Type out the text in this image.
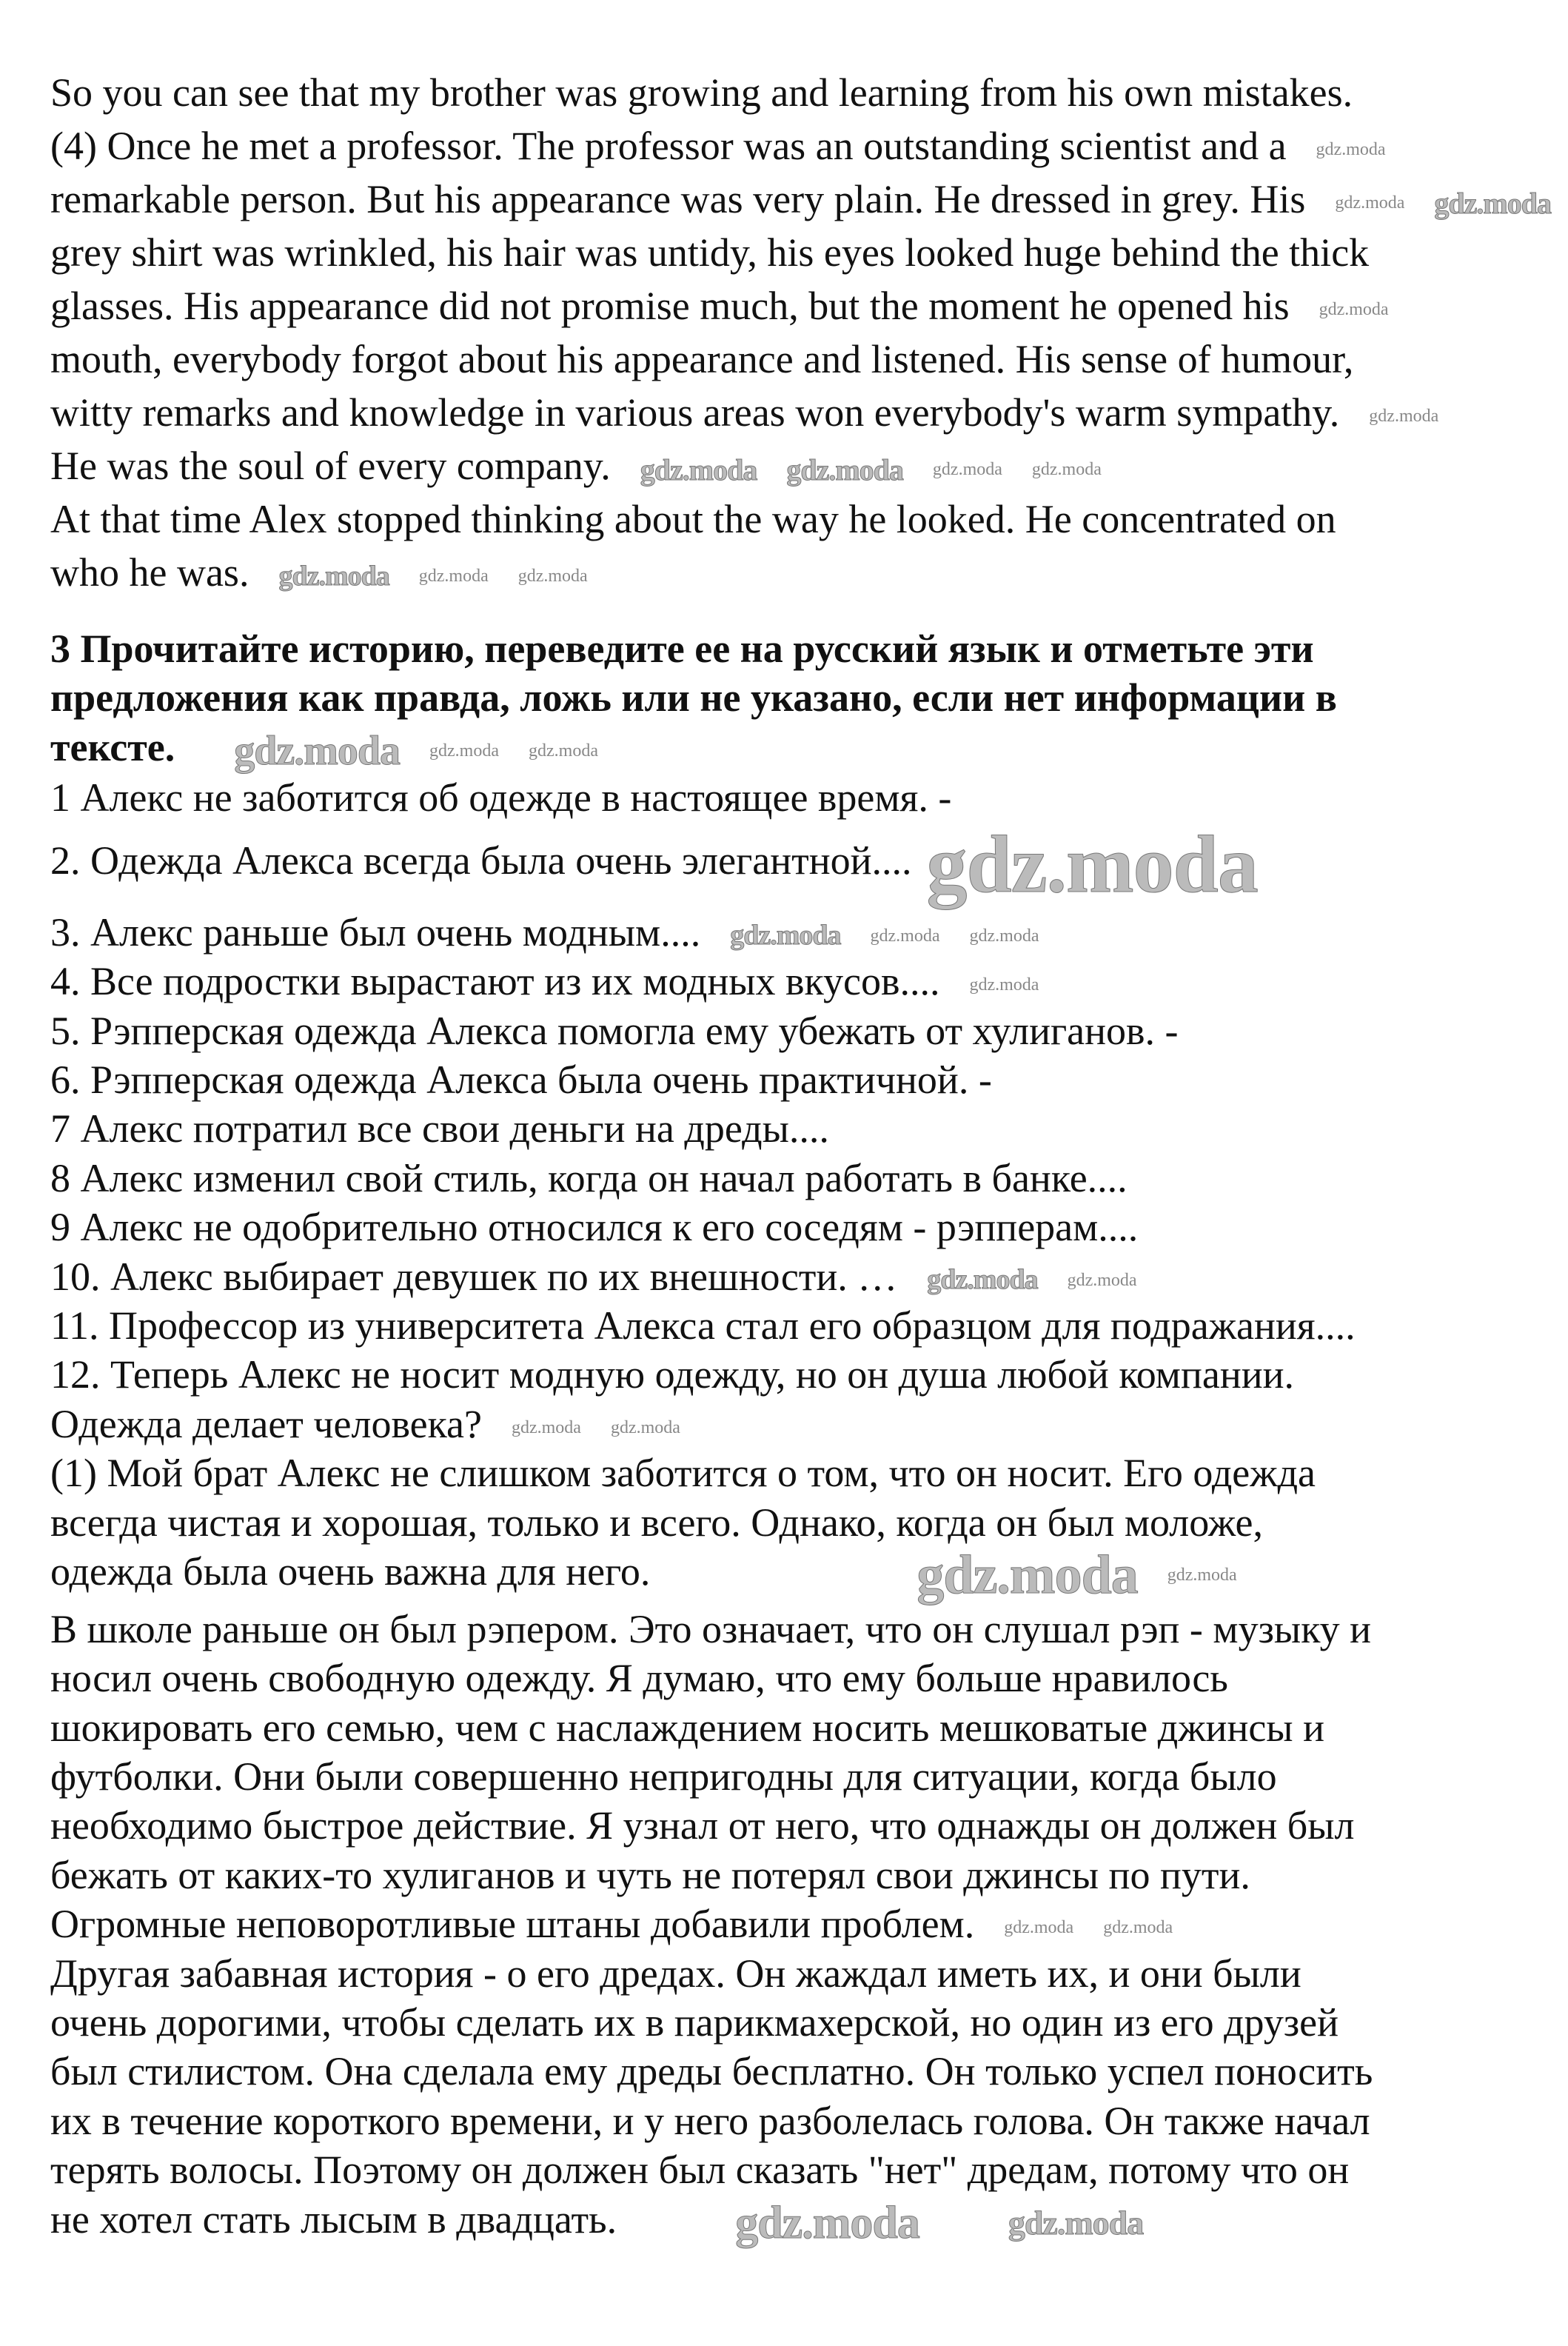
So you can see that my brother was growing and learning from his own mistakes.
(4) Once he met a professor. The professor was an outstanding scientist and a gdz.moda
remarkable person. But his appearance was very plain. He dressed in grey. His gdz.moda gdz.moda
grey shirt was wrinkled, his hair was untidy, his eyes looked huge behind the thick
glasses. His appearance did not promise much, but the moment he opened his gdz.moda
mouth, everybody forgot about his appearance and listened. His sense of humour,
witty remarks and knowledge in various areas won everybody's warm sympathy. gdz.moda
He was the soul of every company. gdz.moda gdz.moda gdz.moda gdz.moda
At that time Alex stopped thinking about the way he looked. He concentrated on
who he was. gdz.moda gdz.moda gdz.moda
3 Прочитайте историю, переведите ее на русский язык и отметьте эти
предложения как правда, ложь или не указано, если нет информации в
тексте. gdz.moda gdz.moda gdz.moda
1 Алекс не заботится об одежде в настоящее время. -
2. Одежда Алекса всегда была очень элегантной.... gdz.moda
3. Алекс раньше был очень модным.... gdz.moda gdz.moda gdz.moda
4. Все подростки вырастают из их модных вкусов.... gdz.moda
5. Рэпперская одежда Алекса помогла ему убежать от хулиганов. -
6. Рэпперская одежда Алекса была очень практичной. -
7 Алекс потратил все свои деньги на дреды....
8 Алекс изменил свой стиль, когда он начал работать в банке....
9 Алекс не одобрительно относился к его соседям - рэпперам....
10. Алекс выбирает девушек по их внешности. … gdz.moda gdz.moda
11. Профессор из университета Алекса стал его образцом для подражания....
12. Теперь Алекс не носит модную одежду, но он душа любой компании.
Одежда делает человека? gdz.moda gdz.moda
(1) Мой брат Алекс не слишком заботится о том, что он носит. Его одежда
всегда чистая и хорошая, только и всего. Однако, когда он был моложе,
одежда была очень важна для него.	gdz.moda gdz.moda
В школе раньше он был рэпером. Это означает, что он слушал рэп - музыку и
носил очень свободную одежду. Я думаю, что ему больше нравилось
шокировать его семью, чем с наслаждением носить мешковатые джинсы и
футболки. Они были совершенно непригодны для ситуации, когда было
необходимо быстрое действие. Я узнал от него, что однажды он должен был
бежать от каких-то хулиганов и чуть не потерял свои джинсы по пути.
Огромные неповоротливые штаны добавили проблем. gdz.moda gdz.moda
Другая забавная история - о его дредах. Он жаждал иметь их, и они были
очень дорогими, чтобы сделать их в парикмахерской, но один из его друзей
был стилистом. Она сделала ему дреды бесплатно. Он только успел поносить
их в течение короткого времени, и у него разболелась голова. Он также начал
терять волосы. Поэтому он должен был сказать "нет" дредам, потому что он
не хотел стать лысым в двадцать.	gdz.moda	gdz.moda
